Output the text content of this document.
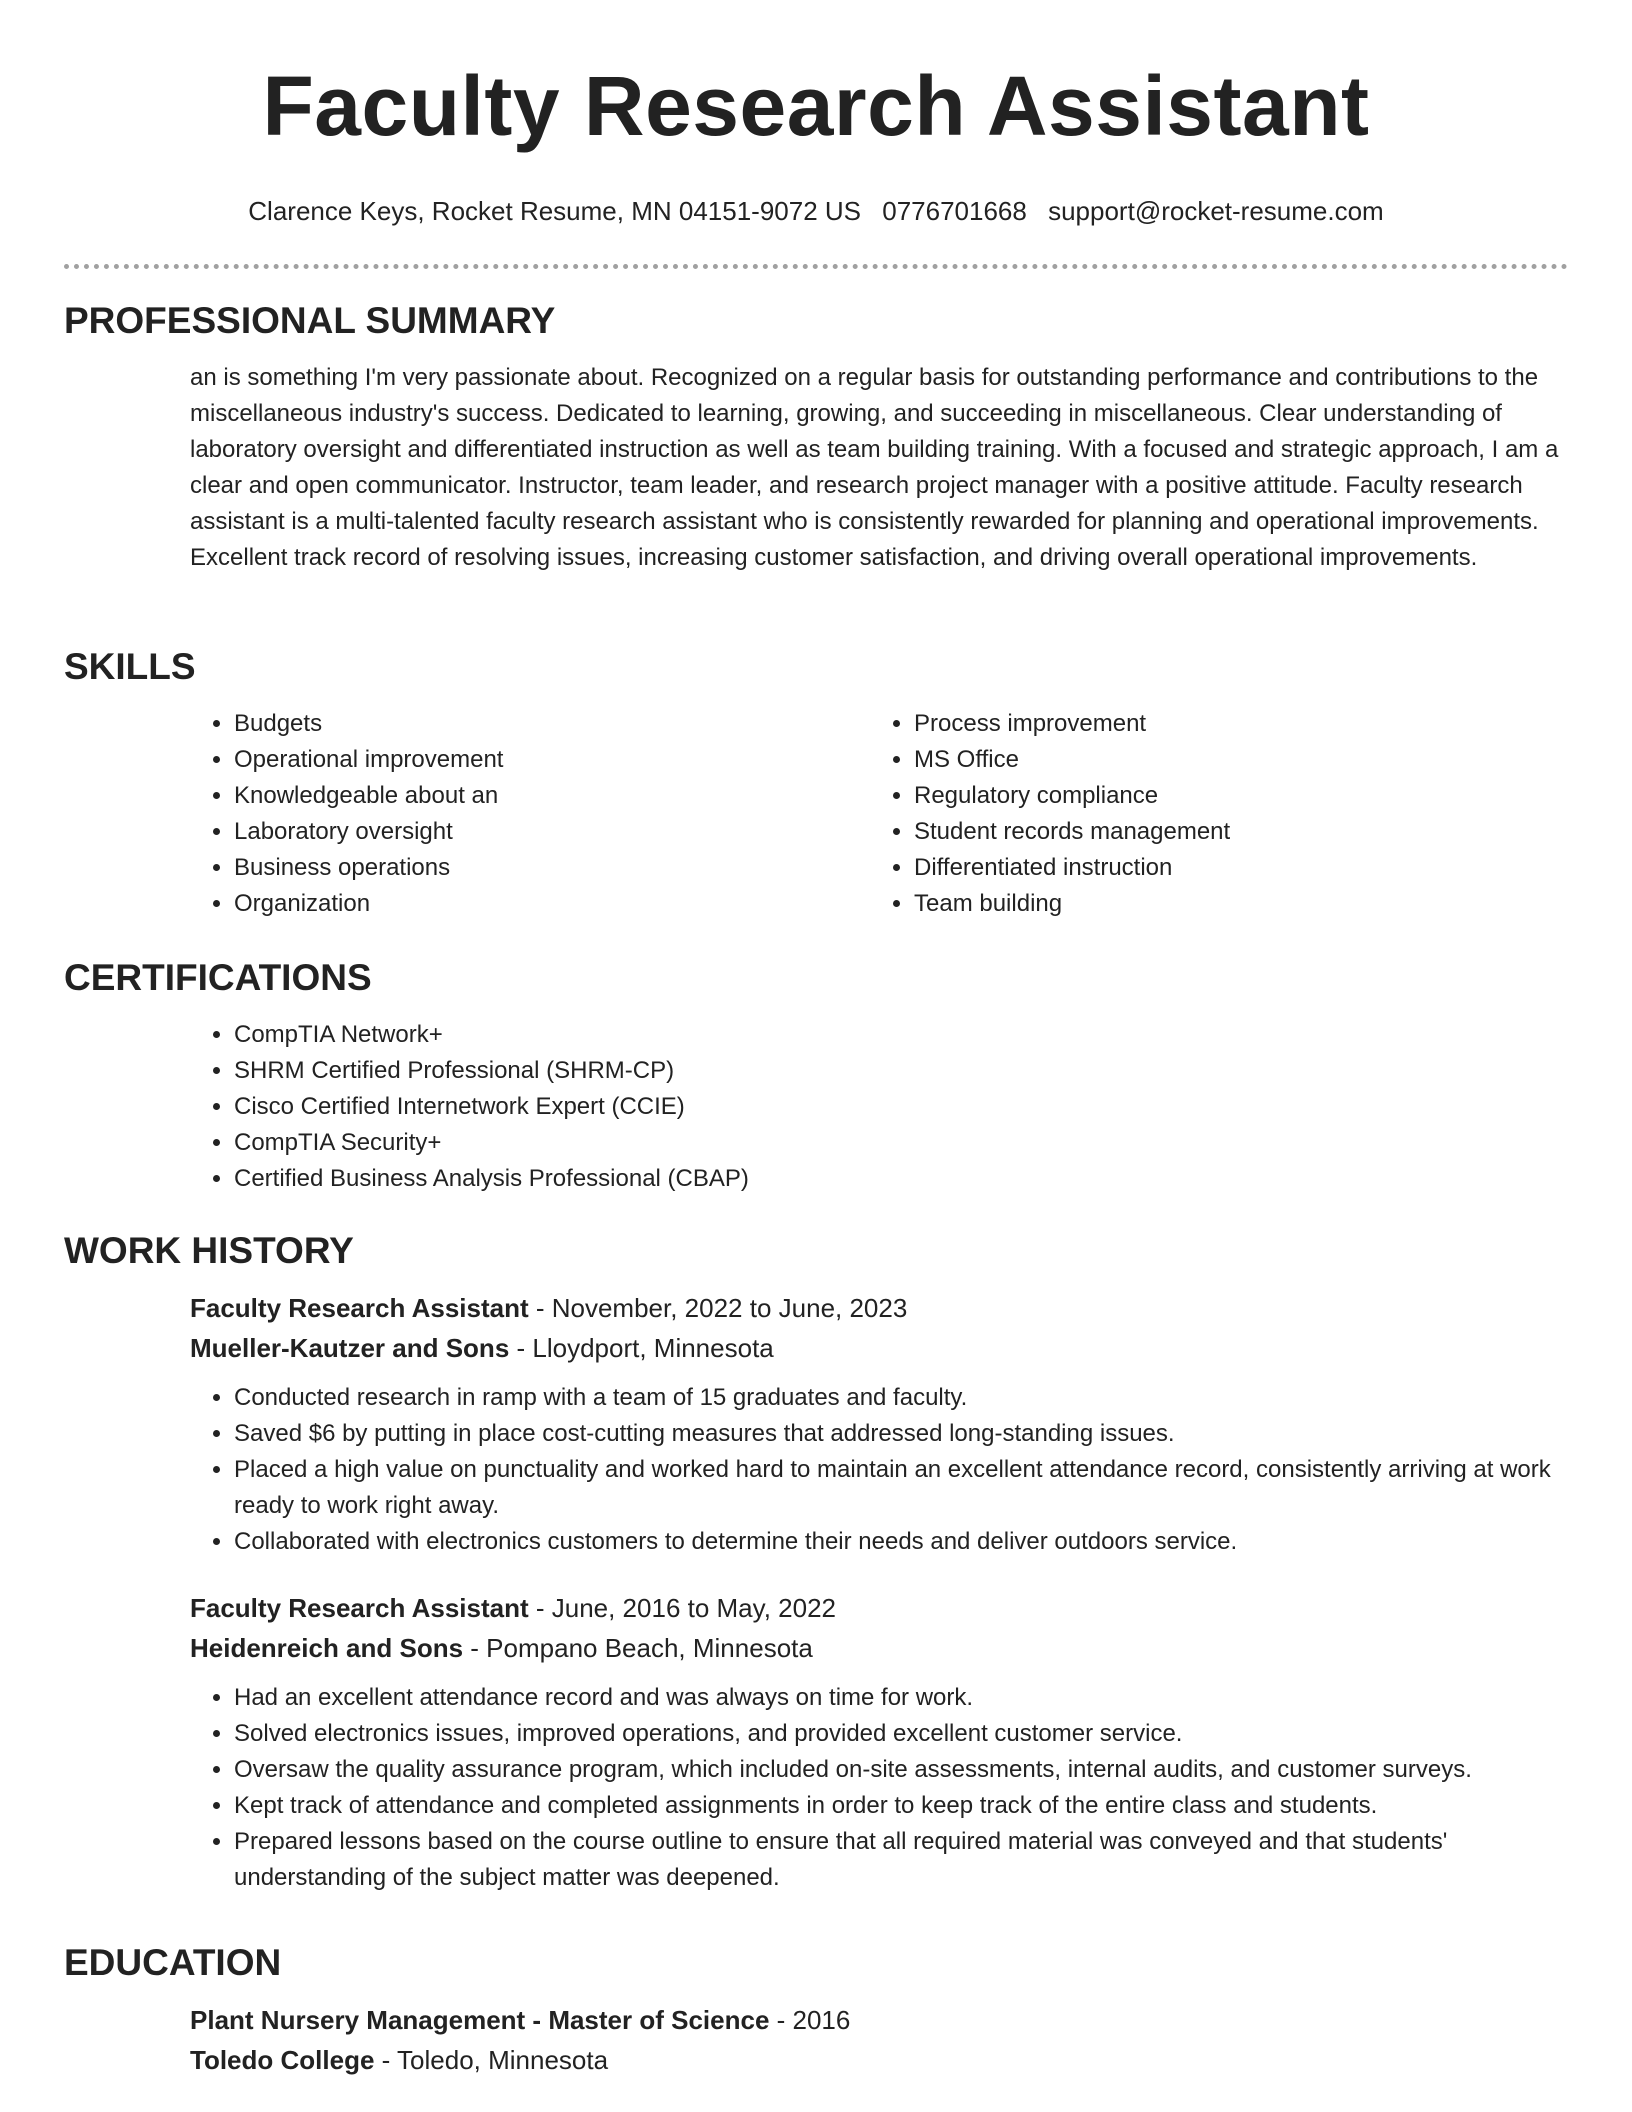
Faculty Research Assistant
Clarence Keys, Rocket Resume, MN 04151-9072 US 0776701668 support@rocket-resume.com
PROFESSIONAL SUMMARY
an is something I'm very passionate about. Recognized on a regular basis for outstanding performance and contributions to the miscellaneous industry's success. Dedicated to learning, growing, and succeeding in miscellaneous. Clear understanding of laboratory oversight and differentiated instruction as well as team building training. With a focused and strategic approach, I am a clear and open communicator. Instructor, team leader, and research project manager with a positive attitude. Faculty research assistant is a multi-talented faculty research assistant who is consistently rewarded for planning and operational improvements. Excellent track record of resolving issues, increasing customer satisfaction, and driving overall operational improvements.
SKILLS
• Budgets
• Operational improvement
• Knowledgeable about an
• Laboratory oversight
• Business operations
• Organization
• Process improvement
• MS Office
• Regulatory compliance
• Student records management
• Differentiated instruction
• Team building
CERTIFICATIONS
• CompTIA Network+
• SHRM Certified Professional (SHRM-CP)
• Cisco Certified Internetwork Expert (CCIE)
• CompTIA Security+
• Certified Business Analysis Professional (CBAP)
WORK HISTORY
Faculty Research Assistant - November, 2022 to June, 2023
Mueller-Kautzer and Sons - Lloydport, Minnesota
• Conducted research in ramp with a team of 15 graduates and faculty.
• Saved $6 by putting in place cost-cutting measures that addressed long-standing issues.
• Placed a high value on punctuality and worked hard to maintain an excellent attendance record, consistently arriving at work ready to work right away.
• Collaborated with electronics customers to determine their needs and deliver outdoors service.
Faculty Research Assistant - June, 2016 to May, 2022
Heidenreich and Sons - Pompano Beach, Minnesota
• Had an excellent attendance record and was always on time for work.
• Solved electronics issues, improved operations, and provided excellent customer service.
• Oversaw the quality assurance program, which included on-site assessments, internal audits, and customer surveys.
• Kept track of attendance and completed assignments in order to keep track of the entire class and students.
• Prepared lessons based on the course outline to ensure that all required material was conveyed and that students' understanding of the subject matter was deepened.
EDUCATION
Plant Nursery Management - Master of Science - 2016
Toledo College - Toledo, Minnesota
